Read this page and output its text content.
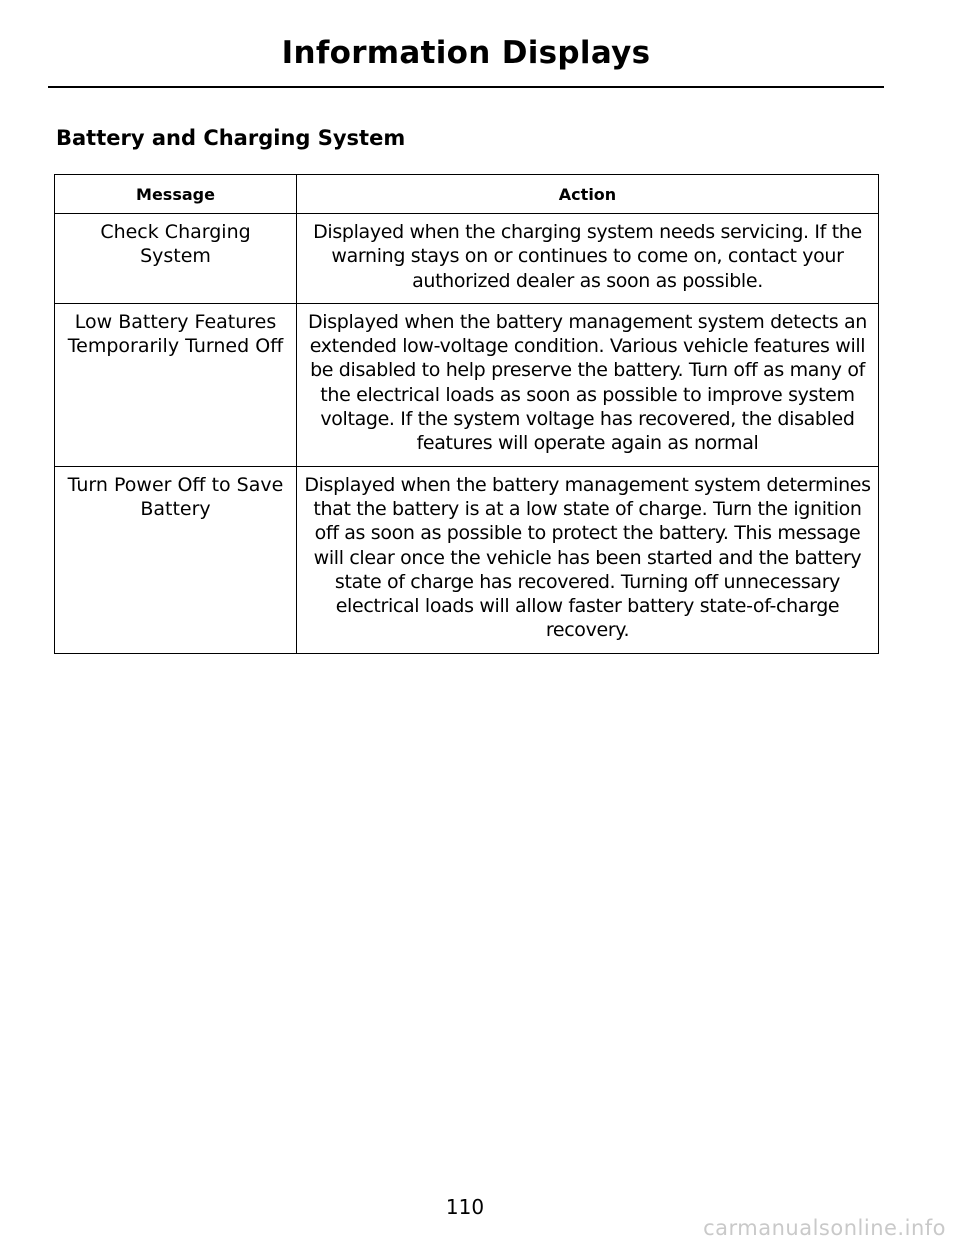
Information Displays
Battery and Charging System
Message	Action
Check Charging System	Displayed when the charging system needs servicing. If the warning stays on or continues to come on, contact your authorized dealer as soon as possible.
Low Battery Features Temporarily Turned Off	Displayed when the battery management system detects an extended low-voltage condition. Various vehicle features will be disabled to help preserve the battery. Turn off as many of the electrical loads as soon as possible to improve system voltage. If the system voltage has recovered, the disabled features will operate again as normal
Turn Power Off to Save Battery	Displayed when the battery management system determines that the battery is at a low state of charge. Turn the ignition off as soon as possible to protect the battery. This message will clear once the vehicle has been started and the battery state of charge has recovered. Turning off unnecessary electrical loads will allow faster battery state-of-charge recovery.
110
carmanualsonline.info
